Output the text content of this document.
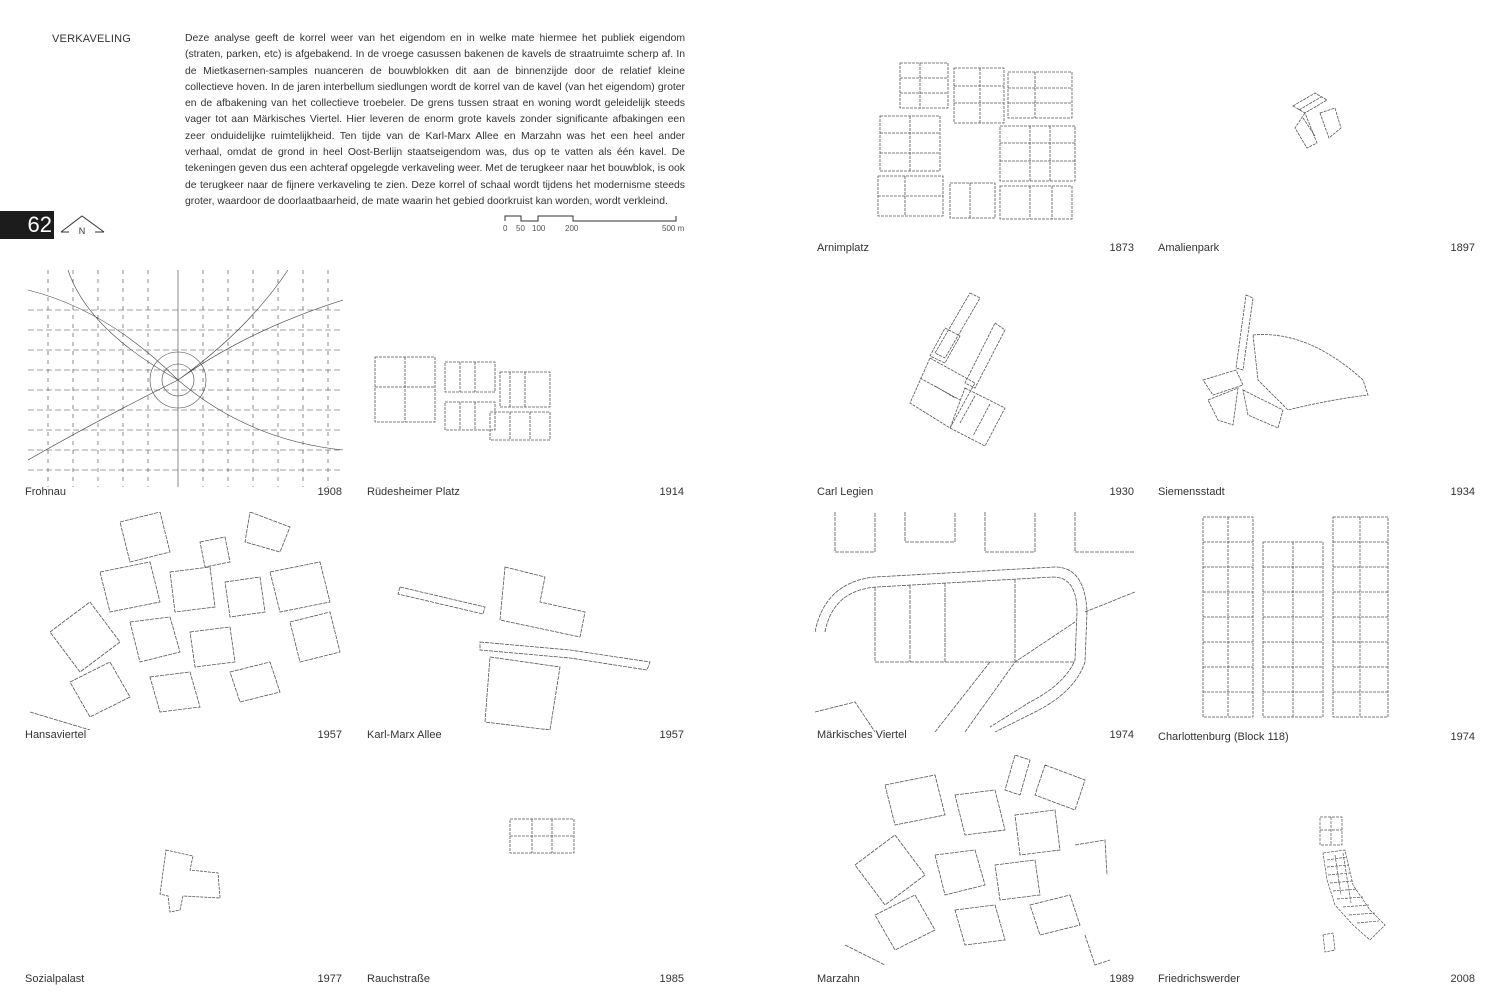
VERKAVELING	Deze analyse geeft de korrel weer van het eigendom en in welke mate hiermee het publiek eigendom (straten, parken, etc) is afgebakend. In de vroege casussen bakenen de kavels de straatruimte scherp af. In de Mietkasernen-samples nuanceren de bouwblokken dit aan de binnenzijde door de relatief kleine collectieve hoven. In de jaren interbellum siedlungen wordt de korrel van de kavel (van het eigendom) groter en de afbakening van het collectieve troebeler. De grens tussen straat en woning wordt geleidelijk steeds vager tot aan Märkisches Viertel. Hier leveren de enorm grote kavels zonder significante afbakingen een zeer onduidelijke ruimtelijkheid. Ten tijde van de Karl-Marx Allee en Marzahn was het een heel ander verhaal, omdat de grond in heel Oost-Berlijn staatseigendom was, dus op te vatten als één kavel. De tekeningen geven dus een achteraf opgelegde verkaveling weer. Met de terugkeer naar het bouwblok, is ook de terugkeer naar de fijnere verkaveling te zien. Deze korrel of schaal wordt tijdens het modernisme steeds groter, waardoor de doorlaatbaarheid, de mate waarin het gebied doorkruist kan worden, wordt verkleind.

62	N	0 50 100 200	500 m
Arnimplatz	1873 Amalienpark	1897
Frohnau	1908 Rüdesheimer Platz	1914	Carl Legien	1930 Siemensstadt	1934
Hansaviertel	1957 Karl-Marx Allee	1957	Märkisches Viertel	1974 Charlottenburg (Block 118)	1974
Sozialpalast	1977 Rauchstraße	1985	Marzahn	1989 Friedrichswerder	2008
